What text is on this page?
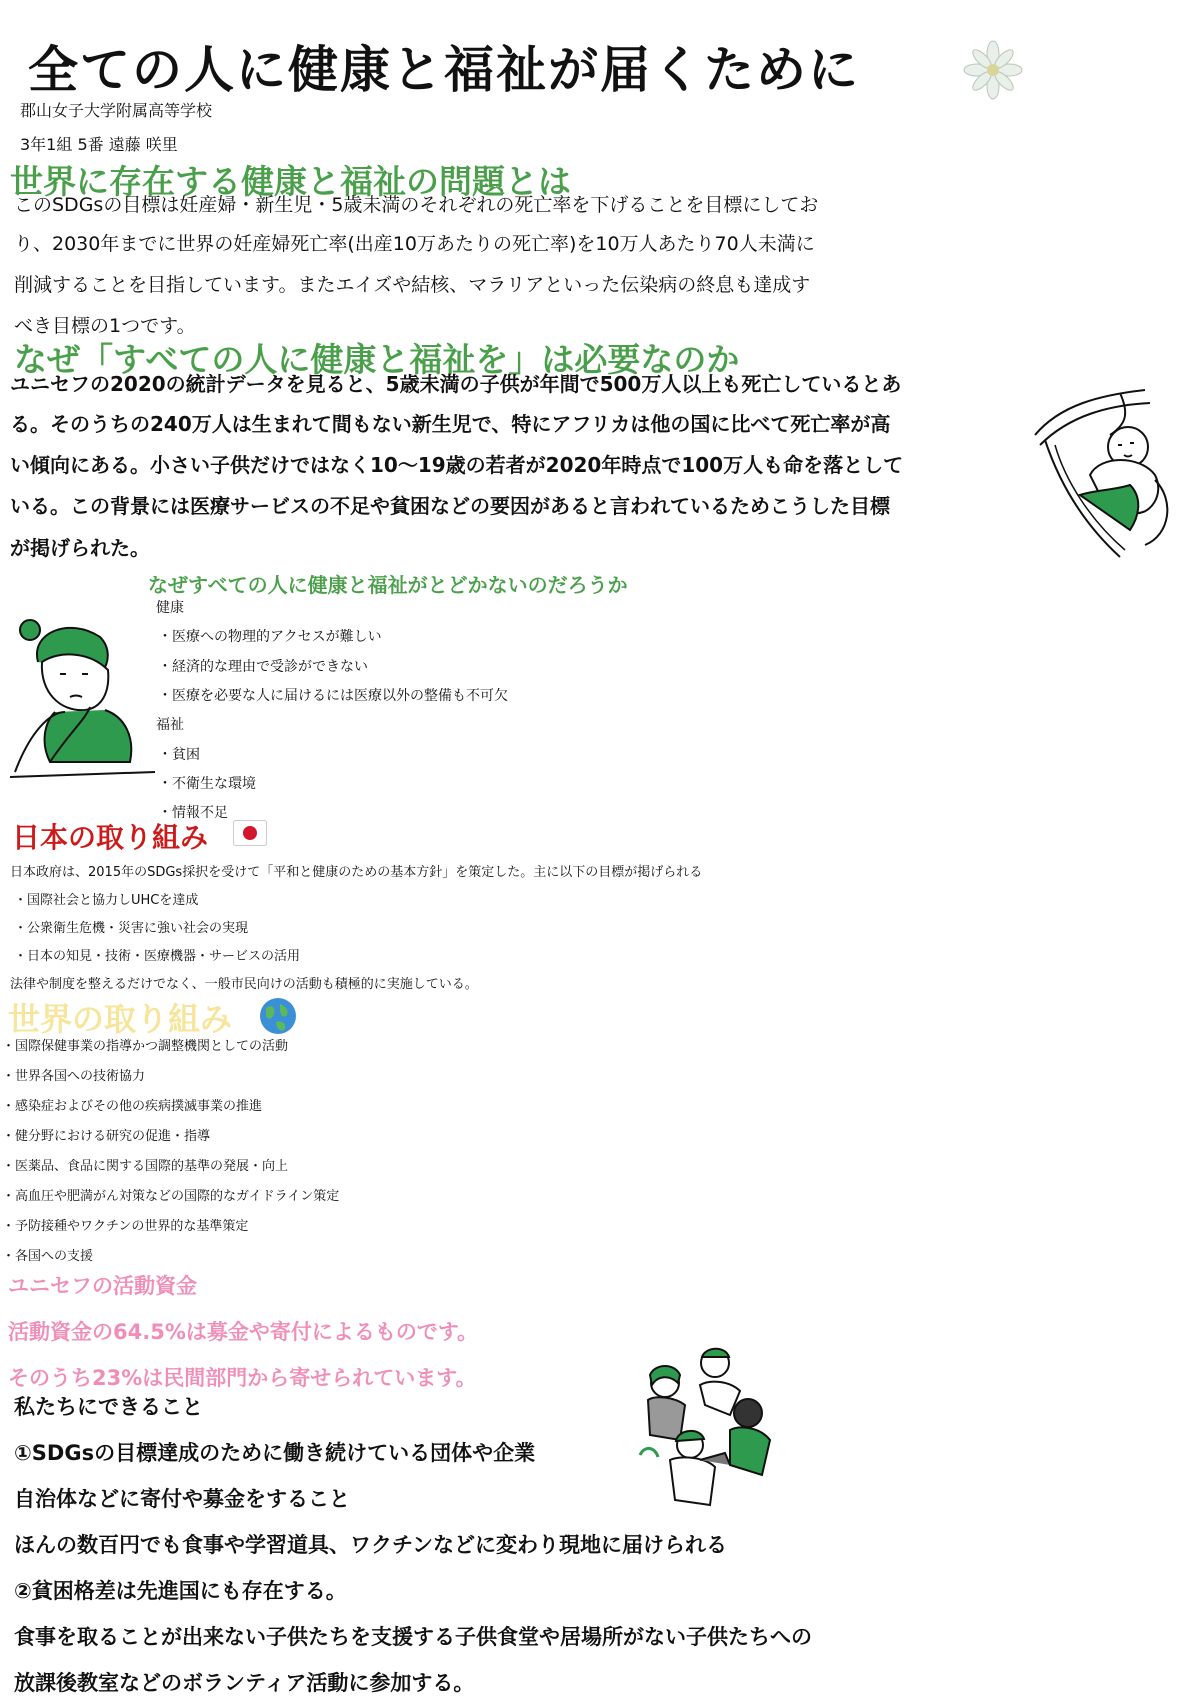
全ての人に健康と福祉が届くために
郡山女子大学附属高等学校
3年1組 5番 遠藤 咲里
世界に存在する健康と福祉の問題とは
このSDGsの目標は妊産婦・新生児・5歳未満のそれぞれの死亡率を下げることを目標にしてお
り、2030年までに世界の妊産婦死亡率(出産10万あたりの死亡率)を10万人あたり70人未満に
削減することを目指しています。またエイズや結核、マラリアといった伝染病の終息も達成す
べき目標の1つです。
なぜ「すべての人に健康と福祉を」は必要なのか
ユニセフの2020の統計データを見ると、5歳未満の子供が年間で500万人以上も死亡しているとあ
る。そのうちの240万人は生まれて間もない新生児で、特にアフリカは他の国に比べて死亡率が高
い傾向にある。小さい子供だけではなく10〜19歳の若者が2020年時点で100万人も命を落として
いる。この背景には医療サービスの不足や貧困などの要因があると言われているためこうした目標
が掲げられた。
なぜすべての人に健康と福祉がとどかないのだろうか
健康
・医療への物理的アクセスが難しい
・経済的な理由で受診ができない
・医療を必要な人に届けるには医療以外の整備も不可欠
福祉
・貧困
・不衛生な環境
・情報不足
日本の取り組み
日本政府は、2015年のSDGs採択を受けて「平和と健康のための基本方針」を策定した。主に以下の目標が掲げられる
・国際社会と協力しUHCを達成
・公衆衛生危機・災害に強い社会の実現
・日本の知見・技術・医療機器・サービスの活用
法律や制度を整えるだけでなく、一般市民向けの活動も積極的に実施している。
世界の取り組み
・国際保健事業の指導かつ調整機関としての活動
・世界各国への技術協力
・感染症およびその他の疾病撲滅事業の推進
・健分野における研究の促進・指導
・医薬品、食品に関する国際的基準の発展・向上
・高血圧や肥満がん対策などの国際的なガイドライン策定
・予防接種やワクチンの世界的な基準策定
・各国への支援
ユニセフの活動資金
活動資金の64.5%は募金や寄付によるものです。
そのうち23%は民間部門から寄せられています。
私たちにできること
①SDGsの目標達成のために働き続けている団体や企業
自治体などに寄付や募金をすること
ほんの数百円でも食事や学習道具、ワクチンなどに変わり現地に届けられる
②貧困格差は先進国にも存在する。
食事を取ることが出来ない子供たちを支援する子供食堂や居場所がない子供たちへの
放課後教室などのボランティア活動に参加する。
